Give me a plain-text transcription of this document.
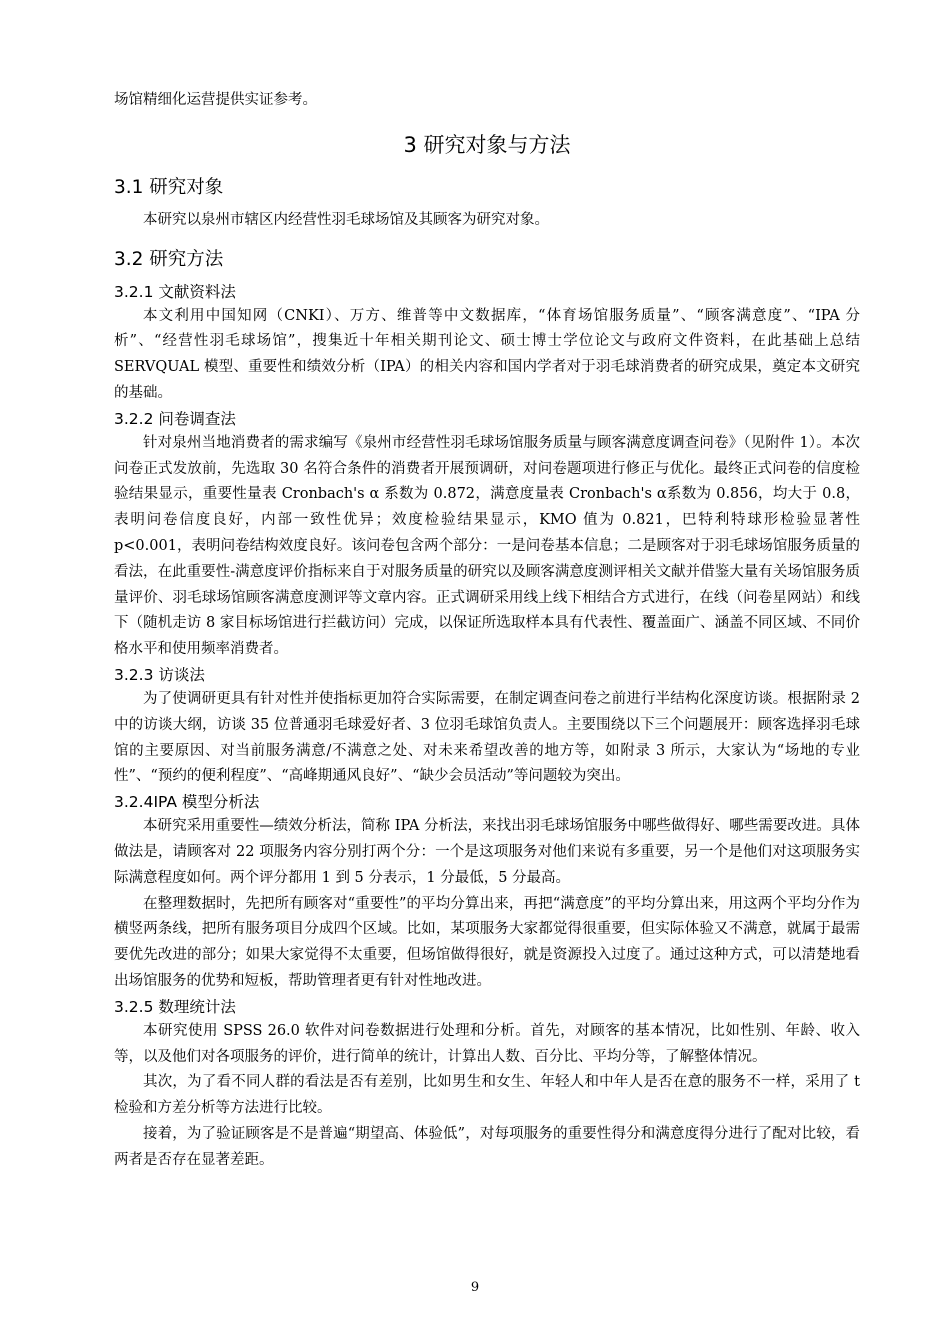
场馆精细化运营提供实证参考。

3 研究对象与方法
3.1 研究对象

本研究以泉州市辖区内经营性羽毛球场馆及其顾客为研究对象。

3.2 研究方法
3.2.1 文献资料法

本文利用中国知网（CNKI）、万方、维普等中文数据库，“体育场馆服务质量”、“顾客满意度”、“IPA 分析”、“经营性羽毛球场馆”，搜集近十年相关期刊论文、硕士博士学位论文与政府文件资料，在此基础上总结 SERVQUAL 模型、重要性和绩效分析（IPA）的相关内容和国内学者对于羽毛球消费者的研究成果，奠定本文研究的基础。

3.2.2 问卷调查法

针对泉州当地消费者的需求编写《泉州市经营性羽毛球场馆服务质量与顾客满意度调查问卷》（见附件 1）。本次问卷正式发放前，先选取 30 名符合条件的消费者开展预调研，对问卷题项进行修正与优化。最终正式问卷的信度检验结果显示，重要性量表 Cronbach's α 系数为 0.872，满意度量表 Cronbach's α系数为 0.856，均大于 0.8，表明问卷信度良好，内部一致性优异；效度检验结果显示，KMO 值为 0.821，巴特利特球形检验显著性 p<0.001，表明问卷结构效度良好。该问卷包含两个部分：一是问卷基本信息；二是顾客对于羽毛球场馆服务质量的看法，在此重要性-满意度评价指标来自于对服务质量的研究以及顾客满意度测评相关文献并借鉴大量有关场馆服务质量评价、羽毛球场馆顾客满意度测评等文章内容。正式调研采用线上线下相结合方式进行，在线（问卷星网站）和线下（随机走访 8 家目标场馆进行拦截访问）完成，以保证所选取样本具有代表性、覆盖面广、涵盖不同区域、不同价格水平和使用频率消费者。

3.2.3 访谈法

为了使调研更具有针对性并使指标更加符合实际需要，在制定调查问卷之前进行半结构化深度访谈。根据附录 2 中的访谈大纲，访谈 35 位普通羽毛球爱好者、3 位羽毛球馆负责人。主要围绕以下三个问题展开：顾客选择羽毛球馆的主要原因、对当前服务满意/不满意之处、对未来希望改善的地方等，如附录 3 所示，大家认为“场地的专业性”、“预约的便利程度”、“高峰期通风良好”、“缺少会员活动”等问题较为突出。

3.2.4IPA 模型分析法

本研究采用重要性—绩效分析法，简称 IPA 分析法，来找出羽毛球场馆服务中哪些做得好、哪些需要改进。具体做法是，请顾客对 22 项服务内容分别打两个分：一个是这项服务对他们来说有多重要，另一个是他们对这项服务实际满意程度如何。两个评分都用 1 到 5 分表示，1 分最低，5 分最高。

在整理数据时，先把所有顾客对“重要性”的平均分算出来，再把“满意度”的平均分算出来，用这两个平均分作为横竖两条线，把所有服务项目分成四个区域。比如，某项服务大家都觉得很重要，但实际体验又不满意，就属于最需要优先改进的部分；如果大家觉得不太重要，但场馆做得很好，就是资源投入过度了。通过这种方式，可以清楚地看出场馆服务的优势和短板，帮助管理者更有针对性地改进。

3.2.5 数理统计法

本研究使用 SPSS 26.0 软件对问卷数据进行处理和分析。首先，对顾客的基本情况，比如性别、年龄、收入等，以及他们对各项服务的评价，进行简单的统计，计算出人数、百分比、平均分等，了解整体情况。

其次，为了看不同人群的看法是否有差别，比如男生和女生、年轻人和中年人是否在意的服务不一样，采用了 t 检验和方差分析等方法进行比较。

接着，为了验证顾客是不是普遍“期望高、体验低”，对每项服务的重要性得分和满意度得分进行了配对比较，看两者是否存在显著差距。

9
